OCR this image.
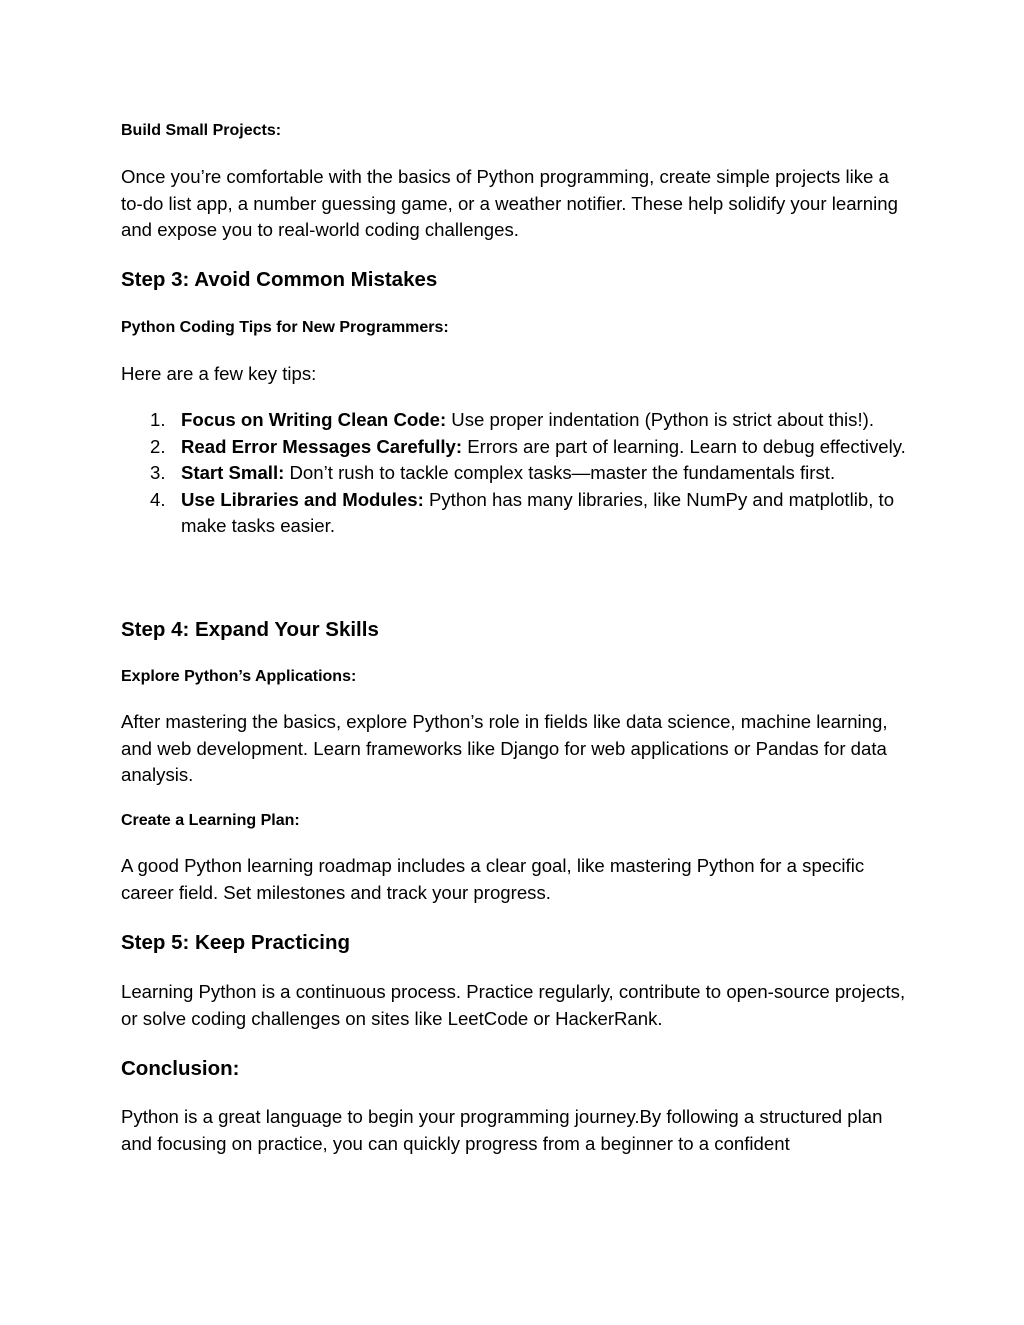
Build Small Projects:
Once you’re comfortable with the basics of Python programming, create simple projects like a to-do list app, a number guessing game, or a weather notifier. These help solidify your learning and expose you to real-world coding challenges.
Step 3: Avoid Common Mistakes
Python Coding Tips for New Programmers:
Here are a few key tips:
1. Focus on Writing Clean Code: Use proper indentation (Python is strict about this!).
2. Read Error Messages Carefully: Errors are part of learning. Learn to debug effectively.
3. Start Small: Don’t rush to tackle complex tasks—master the fundamentals first.
4. Use Libraries and Modules: Python has many libraries, like NumPy and matplotlib, to make tasks easier.
Step 4: Expand Your Skills
Explore Python’s Applications:
After mastering the basics, explore Python’s role in fields like data science, machine learning, and web development. Learn frameworks like Django for web applications or Pandas for data analysis.
Create a Learning Plan:
A good Python learning roadmap includes a clear goal, like mastering Python for a specific career field. Set milestones and track your progress.
Step 5: Keep Practicing
Learning Python is a continuous process. Practice regularly, contribute to open-source projects, or solve coding challenges on sites like LeetCode or HackerRank.
Conclusion:
Python is a great language to begin your programming journey.By following a structured plan and focusing on practice, you can quickly progress from a beginner to a confident
